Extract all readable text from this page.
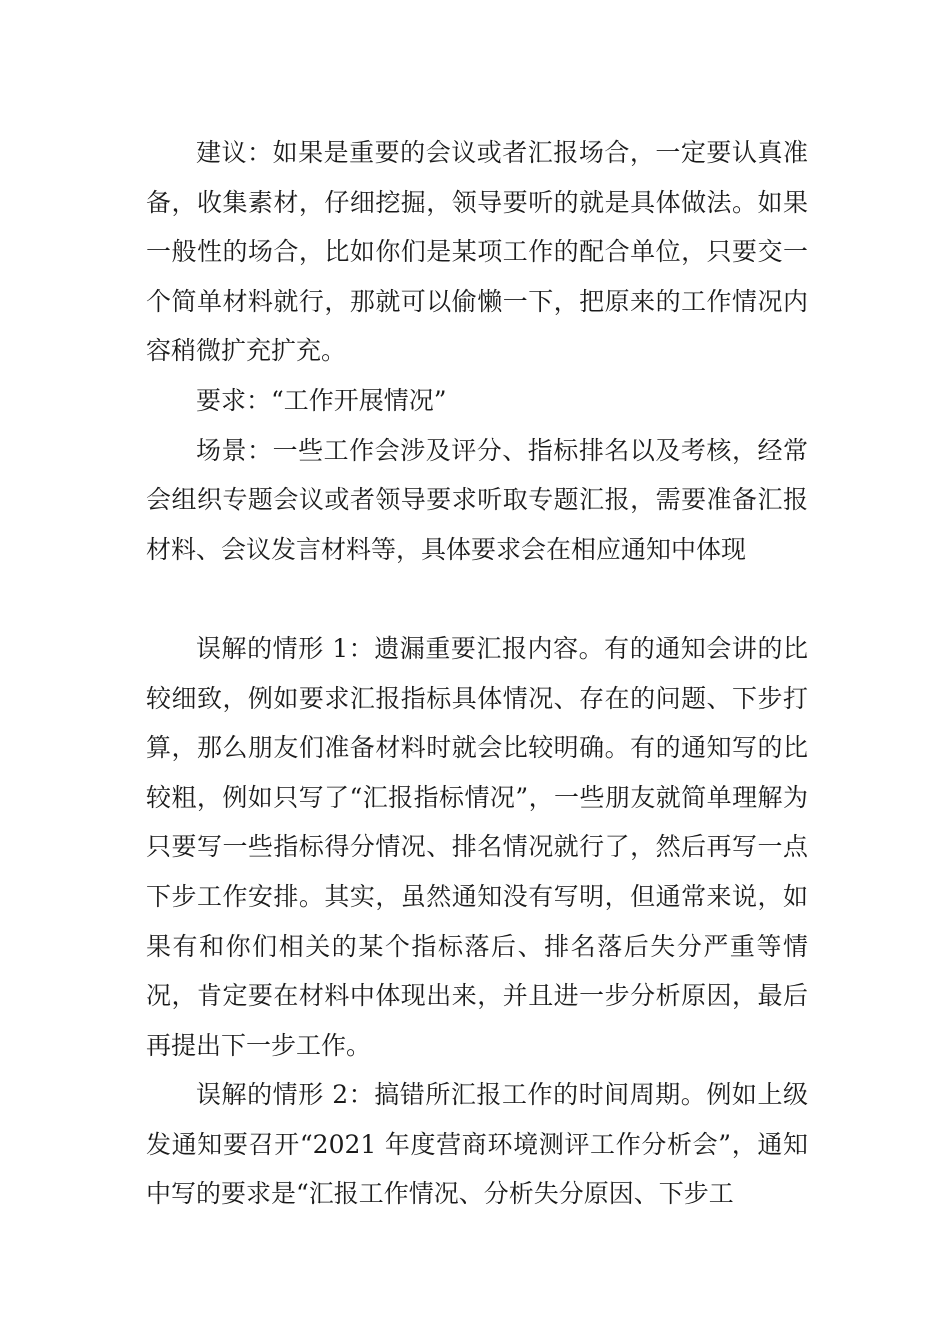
建议：如果是重要的会议或者汇报场合，一定要认真准备，收集素材，仔细挖掘，领导要听的就是具体做法。如果一般性的场合，比如你们是某项工作的配合单位，只要交一个简单材料就行，那就可以偷懒一下，把原来的工作情况内容稍微扩充扩充。

要求：“工作开展情况”

场景：一些工作会涉及评分、指标排名以及考核，经常会组织专题会议或者领导要求听取专题汇报，需要准备汇报材料、会议发言材料等，具体要求会在相应通知中体现

误解的情形 1：遗漏重要汇报内容。有的通知会讲的比较细致，例如要求汇报指标具体情况、存在的问题、下步打算，那么朋友们准备材料时就会比较明确。有的通知写的比较粗，例如只写了“汇报指标情况”，一些朋友就简单理解为只要写一些指标得分情况、排名情况就行了，然后再写一点下步工作安排。其实，虽然通知没有写明，但通常来说，如果有和你们相关的某个指标落后、排名落后失分严重等情况，肯定要在材料中体现出来，并且进一步分析原因，最后再提出下一步工作。

误解的情形 2：搞错所汇报工作的时间周期。例如上级发通知要召开“2021 年度营商环境测评工作分析会”，通知中写的要求是“汇报工作情况、分析失分原因、下步工
